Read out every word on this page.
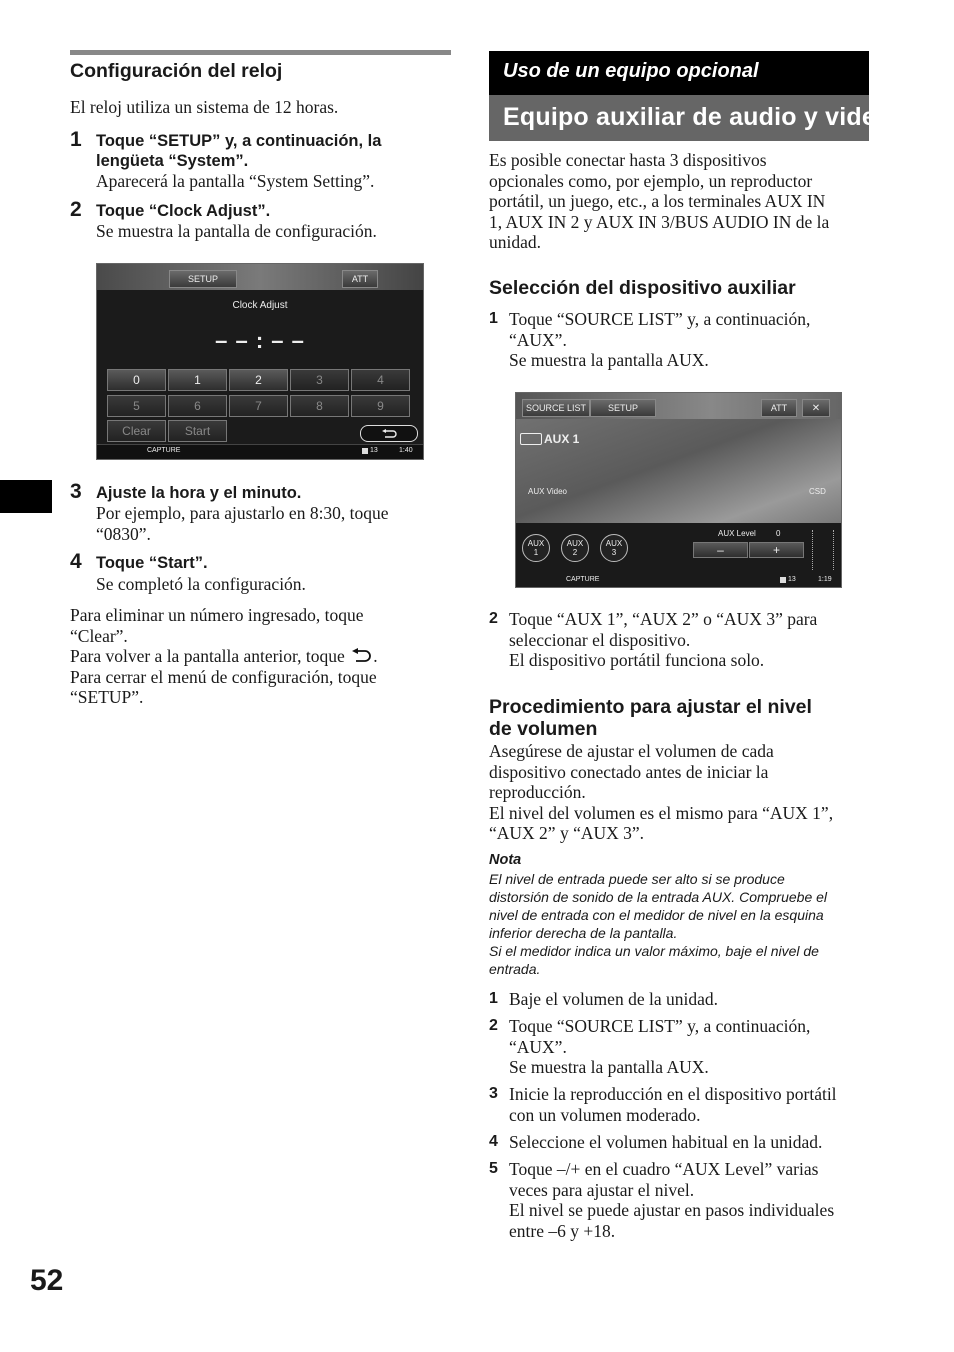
Configuración del reloj
El reloj utiliza un sistema de 12 horas.
1 Toque “SETUP” y, a continuación, la
lengüeta “System”.
Aparecerá la pantalla “System Setting”.
2 Toque “Clock Adjust”.
Se muestra la pantalla de configuración.
SETUP	ATT
Clock Adjust
– – : – –
0	1	2	3	4
5	6	7	8	9
Clear	Start
CAPTURE	13	1:40
3 Ajuste la hora y el minuto.
Por ejemplo, para ajustarlo en 8:30, toque
“0830”.
4 Toque “Start”.
Se completó la configuración.
Para eliminar un número ingresado, toque
“Clear”.
Para volver a la pantalla anterior, toque .
Para cerrar el menú de configuración, toque
“SETUP”.
Uso de un equipo opcional
Equipo auxiliar de audio y video
Es posible conectar hasta 3 dispositivos
opcionales como, por ejemplo, un reproductor
portátil, un juego, etc., a los terminales AUX IN
1, AUX IN 2 y AUX IN 3/BUS AUDIO IN de la
unidad.
Selección del dispositivo auxiliar
1 Toque “SOURCE LIST” y, a continuación,
“AUX”.
Se muestra la pantalla AUX.
SOURCE LIST	SETUP	ATT	✕
AUX 1
AUX Video	CSD
AUX
1
AUX
2
AUX
3
AUX Level	0
–	+
CAPTURE	13	1:19
2 Toque “AUX 1”, “AUX 2” o “AUX 3” para
seleccionar el dispositivo.
El dispositivo portátil funciona solo.
Procedimiento para ajustar el nivel
de volumen
Asegúrese de ajustar el volumen de cada
dispositivo conectado antes de iniciar la
reproducción.
El nivel del volumen es el mismo para “AUX 1”,
“AUX 2” y “AUX 3”.
Nota
El nivel de entrada puede ser alto si se produce
distorsión de sonido de la entrada AUX. Compruebe el
nivel de entrada con el medidor de nivel en la esquina
inferior derecha de la pantalla.
Si el medidor indica un valor máximo, baje el nivel de
entrada.
1 Baje el volumen de la unidad.
2 Toque “SOURCE LIST” y, a continuación,
“AUX”.
Se muestra la pantalla AUX.
3 Inicie la reproducción en el dispositivo portátil
con un volumen moderado.
4 Seleccione el volumen habitual en la unidad.
5 Toque –/+ en el cuadro “AUX Level” varias
veces para ajustar el nivel.
El nivel se puede ajustar en pasos individuales
entre –6 y +18.
52
